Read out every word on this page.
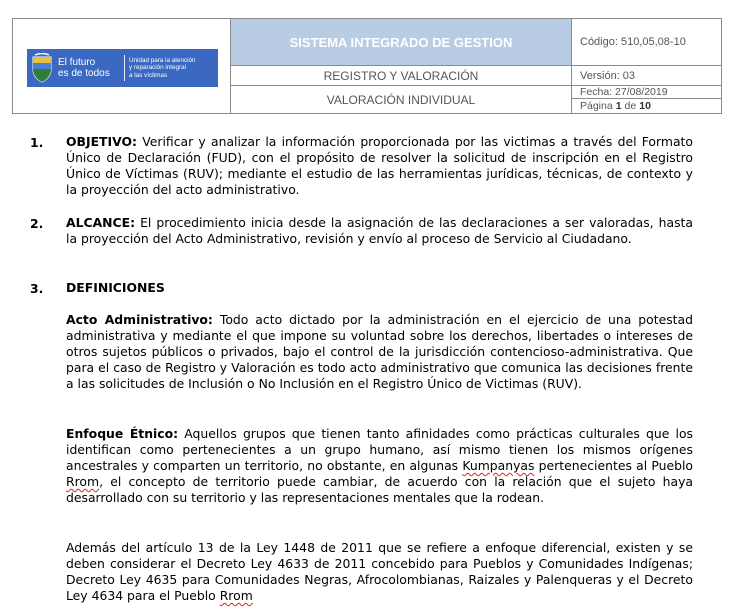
El futuro
es de todos
Unidad para la atención
y reparación integral
a las víctimas
SISTEMA INTEGRADO DE GESTION
REGISTRO Y VALORACIÓN
VALORACIÓN INDIVIDUAL
Código: 510,05,08-10
Versión: 03
Fecha: 27/08/2019
Página 1 de 10
1. OBJETIVO: Verificar y analizar la información proporcionada por las victimas a través del Formato Único de Declaración (FUD), con el propósito de resolver la solicitud de inscripción en el Registro Único de Víctimas (RUV); mediante el estudio de las herramientas jurídicas, técnicas, de contexto y la proyección del acto administrativo.
2. ALCANCE: El procedimiento inicia desde la asignación de las declaraciones a ser valoradas, hasta la proyección del Acto Administrativo, revisión y envío al proceso de Servicio al Ciudadano.
3. DEFINICIONES
Acto Administrativo: Todo acto dictado por la administración en el ejercicio de una potestad administrativa y mediante el que impone su voluntad sobre los derechos, libertades o intereses de otros sujetos públicos o privados, bajo el control de la jurisdicción contencioso-administrativa. Que para el caso de Registro y Valoración es todo acto administrativo que comunica las decisiones frente a las solicitudes de Inclusión o No Inclusión en el Registro Único de Victimas (RUV).
Enfoque Étnico: Aquellos grupos que tienen tanto afinidades como prácticas culturales que los identifican como pertenecientes a un grupo humano, así mismo tienen los mismos orígenes ancestrales y comparten un territorio, no obstante, en algunas Kumpanyas pertenecientes al Pueblo Rrom, el concepto de territorio puede cambiar, de acuerdo con la relación que el sujeto haya desarrollado con su territorio y las representaciones mentales que la rodean.
Además del artículo 13 de la Ley 1448 de 2011 que se refiere a enfoque diferencial, existen y se deben considerar el Decreto Ley 4633 de 2011 concebido para Pueblos y Comunidades Indígenas; Decreto Ley 4635 para Comunidades Negras, Afrocolombianas, Raizales y Palenqueras y el Decreto Ley 4634 para el Pueblo Rrom
